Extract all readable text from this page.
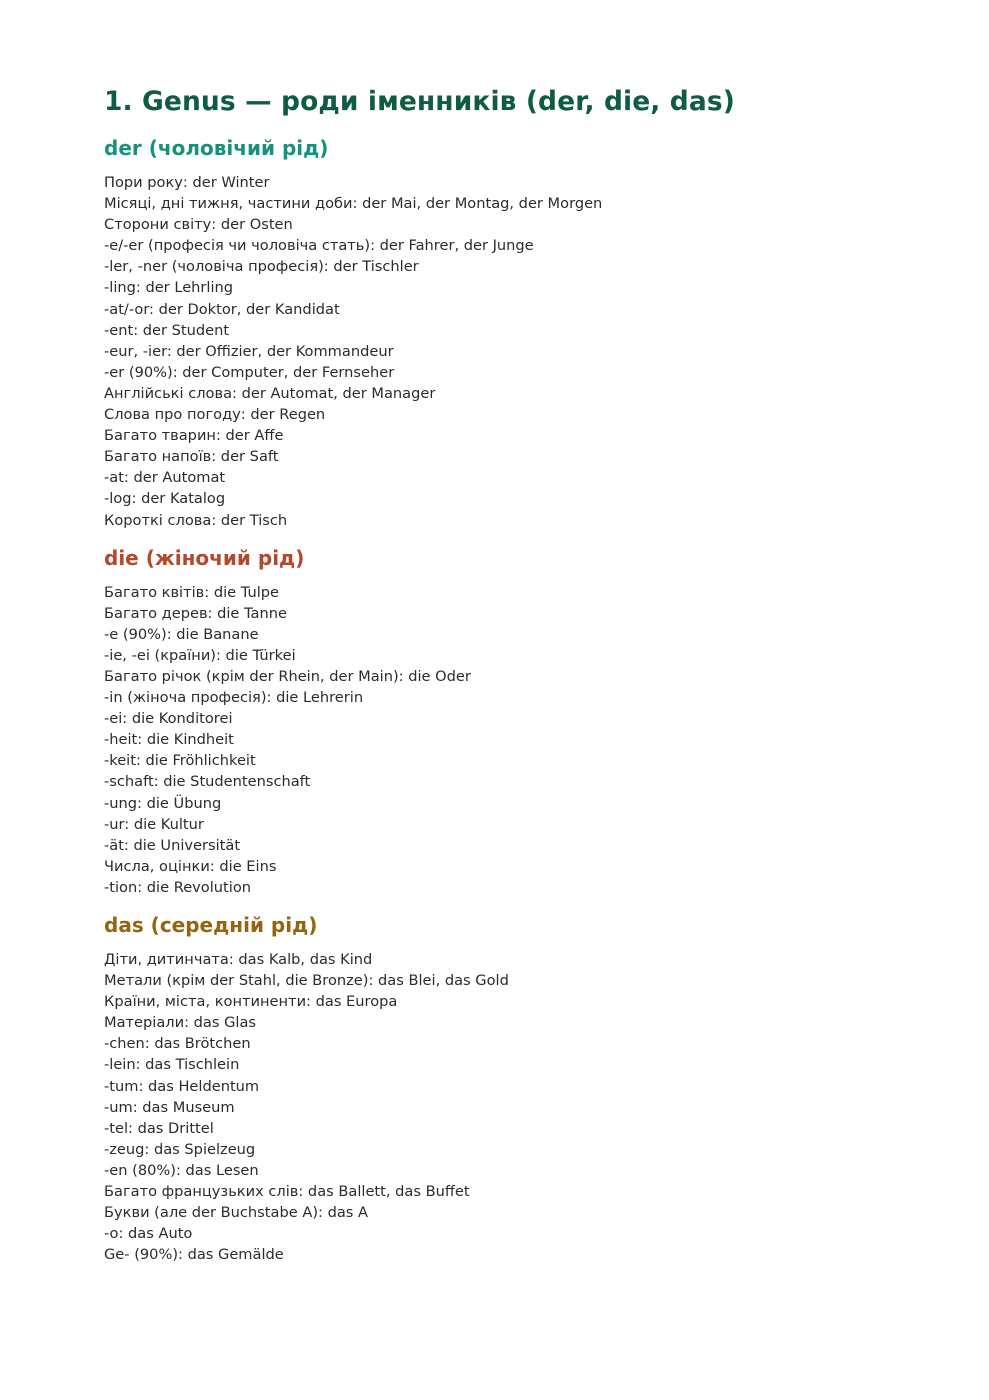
1. Genus — роди іменників (der, die, das)
der (чоловічий рід)
Пори року: der Winter
Місяці, дні тижня, частини доби: der Mai, der Montag, der Morgen
Сторони світу: der Osten
-e/-er (професія чи чоловіча стать): der Fahrer, der Junge
-ler, -ner (чоловіча професія): der Tischler
-ling: der Lehrling
-at/-or: der Doktor, der Kandidat
-ent: der Student
-eur, -ier: der Offizier, der Kommandeur
-er (90%): der Computer, der Fernseher
Англійські слова: der Automat, der Manager
Слова про погоду: der Regen
Багато тварин: der Affe
Багато напоїв: der Saft
-at: der Automat
-log: der Katalog
Короткі слова: der Tisch
die (жіночий рід)
Багато квітів: die Tulpe
Багато дерев: die Tanne
-e (90%): die Banane
-ie, -ei (країни): die Türkei
Багато річок (крім der Rhein, der Main): die Oder
-in (жіноча професія): die Lehrerin
-ei: die Konditorei
-heit: die Kindheit
-keit: die Fröhlichkeit
-schaft: die Studentenschaft
-ung: die Übung
-ur: die Kultur
-ät: die Universität
Числа, оцінки: die Eins
-tion: die Revolution
das (середній рід)
Діти, дитинчата: das Kalb, das Kind
Метали (крім der Stahl, die Bronze): das Blei, das Gold
Країни, міста, континенти: das Europa
Матеріали: das Glas
-chen: das Brötchen
-lein: das Tischlein
-tum: das Heldentum
-um: das Museum
-tel: das Drittel
-zeug: das Spielzeug
-en (80%): das Lesen
Багато французьких слів: das Ballett, das Buffet
Букви (але der Buchstabe A): das A
-o: das Auto
Ge- (90%): das Gemälde
